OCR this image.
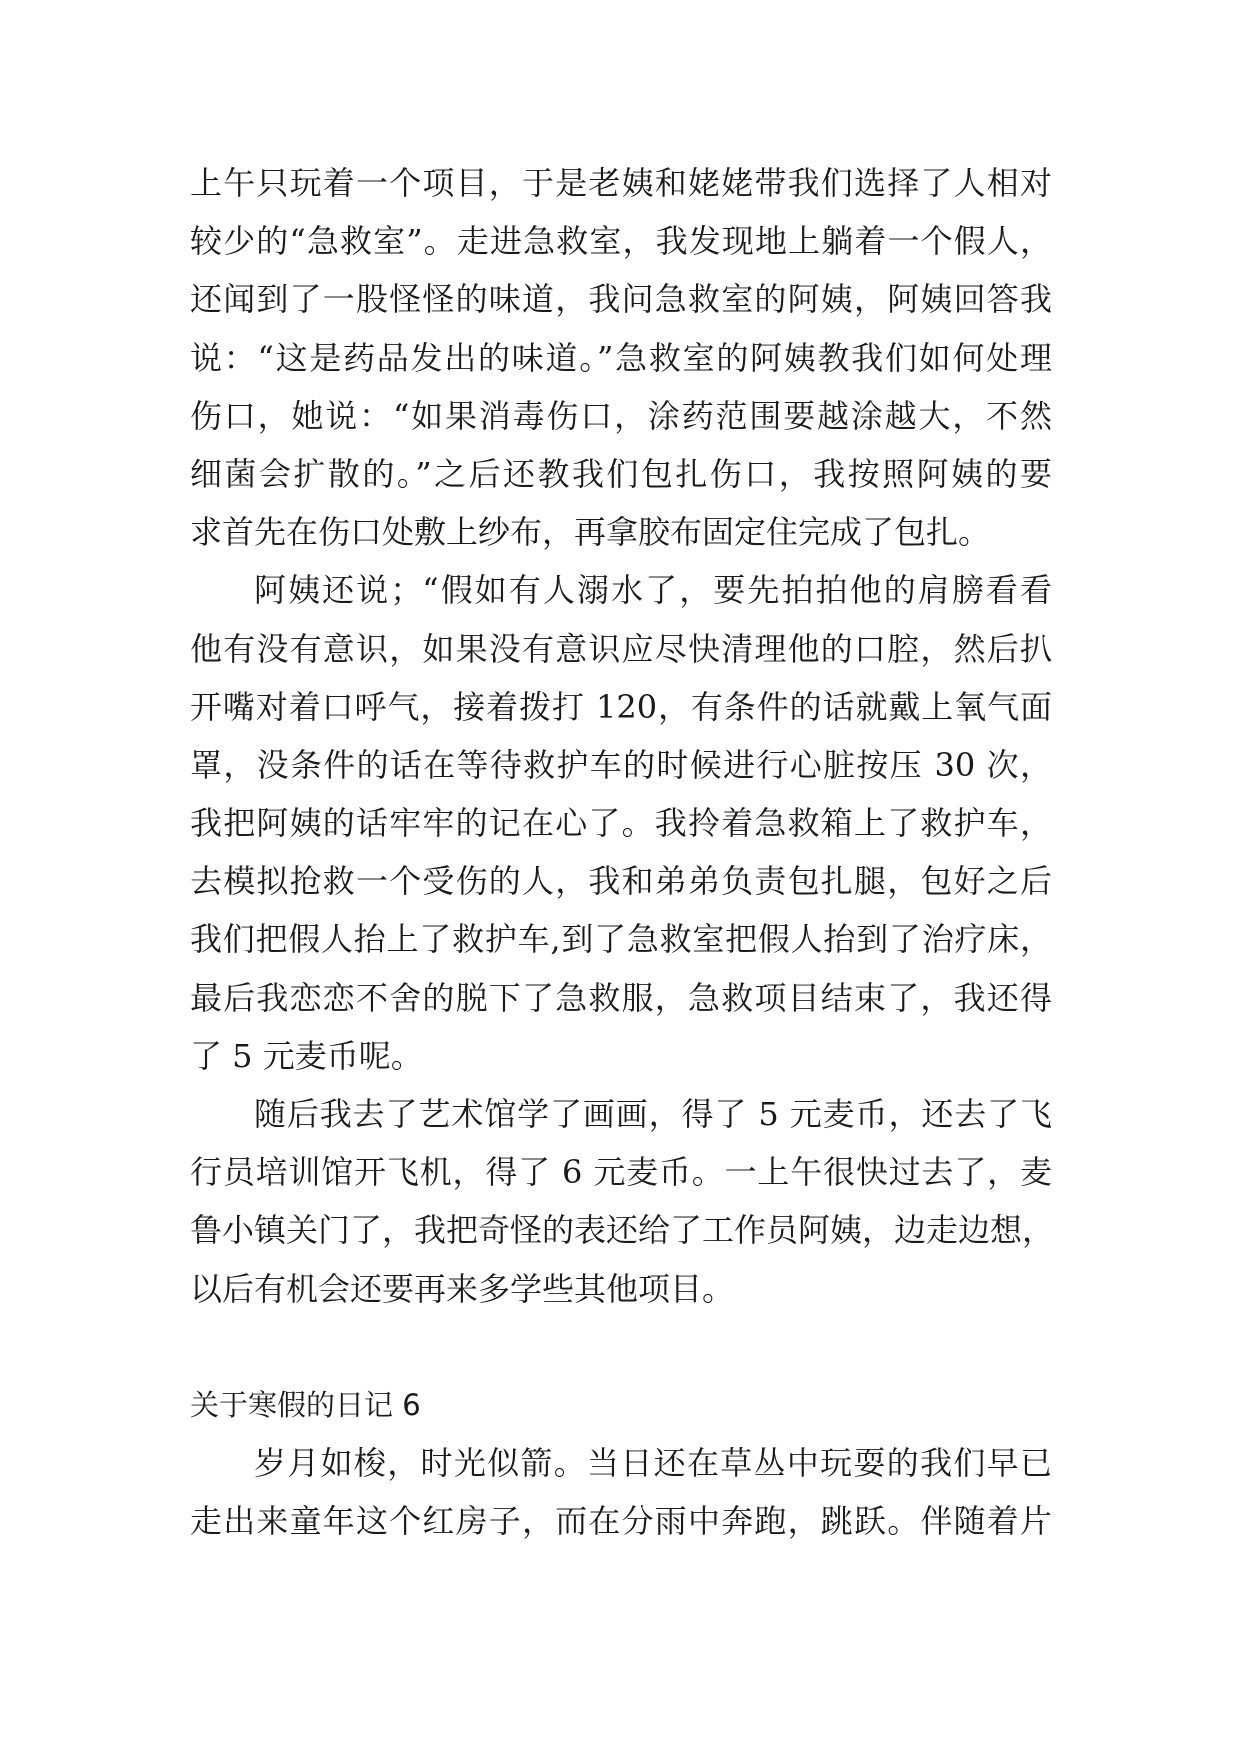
上午只玩着一个项目，于是老姨和姥姥带我们选择了人相对
较少的“急救室”。走进急救室，我发现地上躺着一个假人，
还闻到了一股怪怪的味道，我问急救室的阿姨，阿姨回答我
说：“这是药品发出的味道。”急救室的阿姨教我们如何处理
伤口，她说：“如果消毒伤口，涂药范围要越涂越大，不然
细菌会扩散的。”之后还教我们包扎伤口，我按照阿姨的要
求首先在伤口处敷上纱布，再拿胶布固定住完成了包扎。
阿姨还说；“假如有人溺水了，要先拍拍他的肩膀看看
他有没有意识，如果没有意识应尽快清理他的口腔，然后扒
开嘴对着口呼气，接着拨打 120，有条件的话就戴上氧气面
罩，没条件的话在等待救护车的时候进行心脏按压 30 次，
我把阿姨的话牢牢的记在心了。我拎着急救箱上了救护车，
去模拟抢救一个受伤的人，我和弟弟负责包扎腿，包好之后
我们把假人抬上了救护车,到了急救室把假人抬到了治疗床，
最后我恋恋不舍的脱下了急救服，急救项目结束了，我还得
了 5 元麦币呢。
随后我去了艺术馆学了画画，得了 5 元麦币，还去了飞
行员培训馆开飞机，得了 6 元麦币。一上午很快过去了，麦
鲁小镇关门了，我把奇怪的表还给了工作员阿姨，边走边想，
以后有机会还要再来多学些其他项目。
关于寒假的日记 6
岁月如梭，时光似箭。当日还在草丛中玩耍的我们早已
走出来童年这个红房子，而在分雨中奔跑，跳跃。伴随着片
